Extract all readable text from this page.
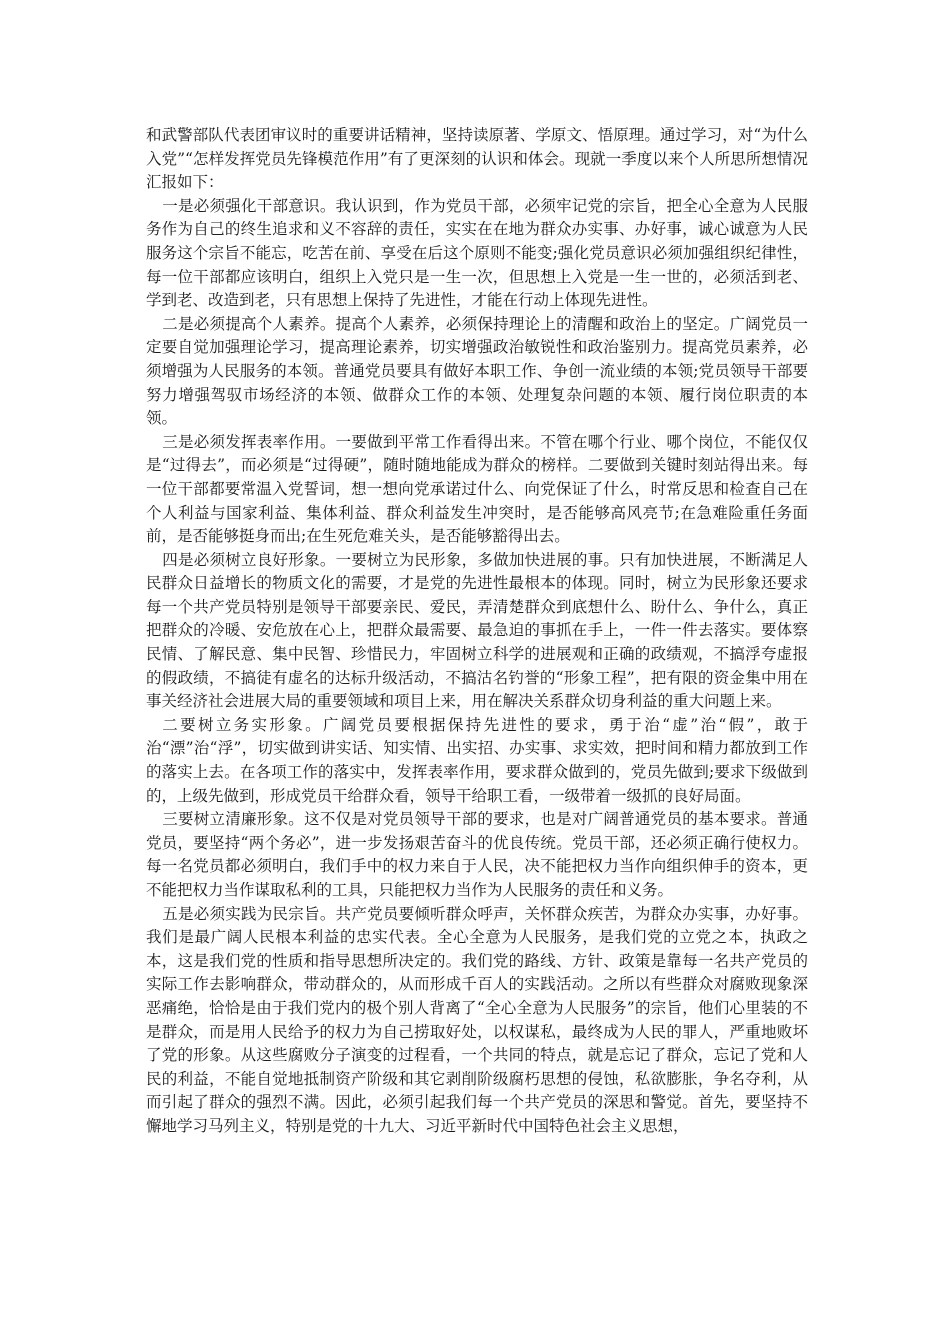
和武警部队代表团审议时的重要讲话精神，坚持读原著、学原文、悟原理。通过学习，对“为什么入党”“怎样发挥党员先锋模范作用”有了更深刻的认识和体会。现就一季度以来个人所思所想情况汇报如下：

一是必须强化干部意识。我认识到，作为党员干部，必须牢记党的宗旨，把全心全意为人民服务作为自己的终生追求和义不容辞的责任，实实在在地为群众办实事、办好事，诚心诚意为人民服务这个宗旨不能忘，吃苦在前、享受在后这个原则不能变;强化党员意识必须加强组织纪律性，每一位干部都应该明白，组织上入党只是一生一次，但思想上入党是一生一世的，必须活到老、学到老、改造到老，只有思想上保持了先进性，才能在行动上体现先进性。

二是必须提高个人素养。提高个人素养，必须保持理论上的清醒和政治上的坚定。广阔党员一定要自觉加强理论学习，提高理论素养，切实增强政治敏锐性和政治鉴别力。提高党员素养，必须增强为人民服务的本领。普通党员要具有做好本职工作、争创一流业绩的本领;党员领导干部要努力增强驾驭市场经济的本领、做群众工作的本领、处理复杂问题的本领、履行岗位职责的本领。

三是必须发挥表率作用。一要做到平常工作看得出来。不管在哪个行业、哪个岗位，不能仅仅是“过得去”，而必须是“过得硬”，随时随地能成为群众的榜样。二要做到关键时刻站得出来。每一位干部都要常温入党誓词，想一想向党承诺过什么、向党保证了什么，时常反思和检查自己在个人利益与国家利益、集体利益、群众利益发生冲突时，是否能够高风亮节;在急难险重任务面前，是否能够挺身而出;在生死危难关头，是否能够豁得出去。

四是必须树立良好形象。一要树立为民形象，多做加快进展的事。只有加快进展，不断满足人民群众日益增长的物质文化的需要，才是党的先进性最根本的体现。同时，树立为民形象还要求每一个共产党员特别是领导干部要亲民、爱民，弄清楚群众到底想什么、盼什么、争什么，真正把群众的冷暖、安危放在心上，把群众最需要、最急迫的事抓在手上，一件一件去落实。要体察民情、了解民意、集中民智、珍惜民力，牢固树立科学的进展观和正确的政绩观，不搞浮夸虚报的假政绩，不搞徒有虚名的达标升级活动，不搞沽名钓誉的“形象工程”，把有限的资金集中用在事关经济社会进展大局的重要领域和项目上来，用在解决关系群众切身利益的重大问题上来。

二要树立务实形象。广阔党员要根据保持先进性的要求，勇于治“虚”治“假”，敢于治“漂”治“浮”，切实做到讲实话、知实情、出实招、办实事、求实效，把时间和精力都放到工作的落实上去。在各项工作的落实中，发挥表率作用，要求群众做到的，党员先做到;要求下级做到的，上级先做到，形成党员干给群众看，领导干给职工看，一级带着一级抓的良好局面。

三要树立清廉形象。这不仅是对党员领导干部的要求，也是对广阔普通党员的基本要求。普通党员，要坚持“两个务必”，进一步发扬艰苦奋斗的优良传统。党员干部，还必须正确行使权力。每一名党员都必须明白，我们手中的权力来自于人民，决不能把权力当作向组织伸手的资本，更不能把权力当作谋取私利的工具，只能把权力当作为人民服务的责任和义务。

五是必须实践为民宗旨。共产党员要倾听群众呼声，关怀群众疾苦，为群众办实事，办好事。我们是最广阔人民根本利益的忠实代表。全心全意为人民服务，是我们党的立党之本，执政之本，这是我们党的性质和指导思想所决定的。我们党的路线、方针、政策是靠每一名共产党员的实际工作去影响群众，带动群众的，从而形成千百人的实践活动。之所以有些群众对腐败现象深恶痛绝，恰恰是由于我们党内的极个别人背离了“全心全意为人民服务”的宗旨，他们心里装的不是群众，而是用人民给予的权力为自己捞取好处，以权谋私，最终成为人民的罪人，严重地败坏了党的形象。从这些腐败分子演变的过程看，一个共同的特点，就是忘记了群众，忘记了党和人民的利益，不能自觉地抵制资产阶级和其它剥削阶级腐朽思想的侵蚀，私欲膨胀，争名夺利，从而引起了群众的强烈不满。因此，必须引起我们每一个共产党员的深思和警觉。首先，要坚持不懈地学习马列主义，特别是党的十九大、习近平新时代中国特色社会主义思想，
